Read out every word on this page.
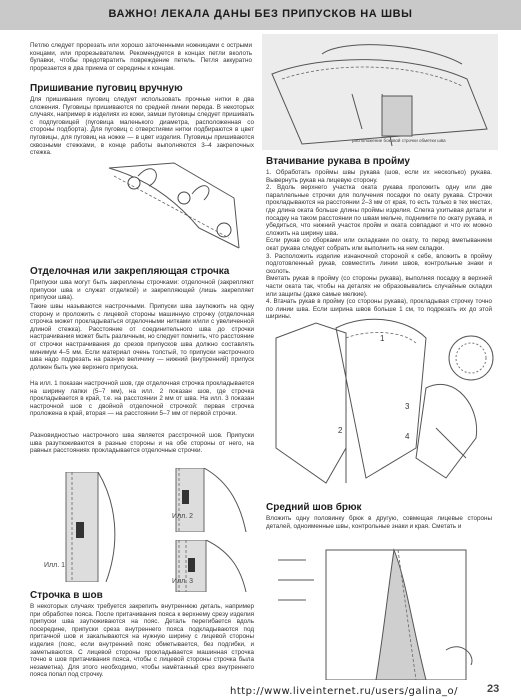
ВАЖНО! ЛЕКАЛА ДАНЫ БЕЗ ПРИПУСКОВ НА ШВЫ
Петлю следует прорезать или хорошо заточенными ножницами с острыми концами, или прорезывателем. Рекомендуется в концах петли вколоть булавки, чтобы предотвратить повреждение петель. Петля аккуратно прорезается в два приема от середины к концам.
расположение боковой строчки обметки шва
Пришивание пуговиц вручную
Для пришивания пуговиц следует использовать прочные нитки в два сложения. Пуговицы пришиваются по средней линии переда. В некоторых случаях, например в изделиях из кожи, замши пуговицы следует пришивать с подпуговицей (пуговица маленького диаметра, расположенная со стороны подборта). Для пуговиц с отверстиями нитки подбираются в цвет пуговицы, для пуговиц на ножке — в цвет изделия. Пуговицы пришиваются сквозными стежками, в конце работы выполняются 3–4 закрепочных стежка.
Отделочная или закрепляющая строчка
Припуски шва могут быть закреплены строчками: отделочной (закрепляют припуски шва и служат отделкой) и закрепляющей (лишь закрепляет припуски шва).
Такие швы называются настрочными. Припуски шва заутюжить на одну сторону и проложить с лицевой стороны машинную строчку (отделочная строчка может прокладываться отделочными нитками и/или с увеличенной длиной стежка). Расстояние от соединительного шва до строчки настрачивания может быть различным, но следует помнить, что расстояние от строчки настрачивания до срезов припусков шва должно составлять минимум 4–5 мм. Если материал очень толстый, то припуски настрочного шва надо подрезать на разную величину — нижний (внутренний) припуск должен быть уже верхнего припуска.
На илл. 1 показан настрочной шов, где отделочная строчка прокладывается на ширину лапки (5–7 мм), на илл. 2 показан шов, где строчка прокладывается в край, т.е. на расстоянии 2 мм от шва. На илл. 3 показан настрочной шов с двойной отделочной строчкой: первая строчка проложена в край, вторая — на расстоянии 5–7 мм от первой строчки.
Разновидностью настрочного шва является расстрочной шов. Припуски шва разутюживаются в разные стороны и на обе стороны от него, на равных расстояниях прокладывается отделочные строчки.
Илл. 1
Илл. 2
Илл. 3
Строчка в шов
В некоторых случаях требуется закрепить внутреннюю деталь, например при обработке пояса. После притачивания пояса к верхнему срезу изделия припуски шва заутюживаются на пояс. Деталь перегибается вдоль посередине, припуски среза внутреннего пояса подкладываются под притачной шов и закалываются на нужную ширину с лицевой стороны изделия (пояс, если внутренний пояс обметывается, без подгибки, и заметываются. С лицевой стороны прокладывается машинная строчка точно в шов притачивания пояса, чтобы с лицевой стороны строчка была незаметна). Для этого необходимо, чтобы намётанный срез внутреннего пояса попал под строчку.
Втачивание рукава в пройму
1. Обработать проймы швы рукава (шов, если их несколько) рукава. Вывернуть рукав на лицевую сторону.
2. Вдоль верхнего участка оката рукава проложить одну или две параллельные строчки для получения посадки по окату рукава. Строчки прокладываются на расстоянии 2–3 мм от края, то есть только в тех местах, где длина оката больше длины проймы изделия. Слегка ухитывая детали и посадку на таком расстоянии по швам мельче, поднимите по окату рукава, и убедиться, что нижний участок пройм и оката совпадают и что их можно сложить на ширину шва.
Если рукав со сборками или складками по окату, то перед вметыванием окат рукава следует собрать или выполнить на нем складки.
3. Расположить изделие изнаночной стороной к себе, вложить в пройму подготовленный рукав, совместить линии швов, контрольные знаки и сколоть.
Вметать рукав в пройму (со стороны рукава), выполняя посадку в верхней части оката так, чтобы на деталях не образовывались случайные складки или защипы (даже самые мелкие).
4. Втачать рукав в пройму (со стороны рукава), прокладывая строчку точно по линии шва. Если ширина швов больше 1 см, то подрезать их до этой ширины.
1
2
3
4
Средний шов брюк
Вложить одну половинку брюк в другую, совмещая лицевые стороны деталей, одноименные швы, контрольные знаки и края. Сметать и
http://www.liveinternet.ru/users/galina_o/	23
